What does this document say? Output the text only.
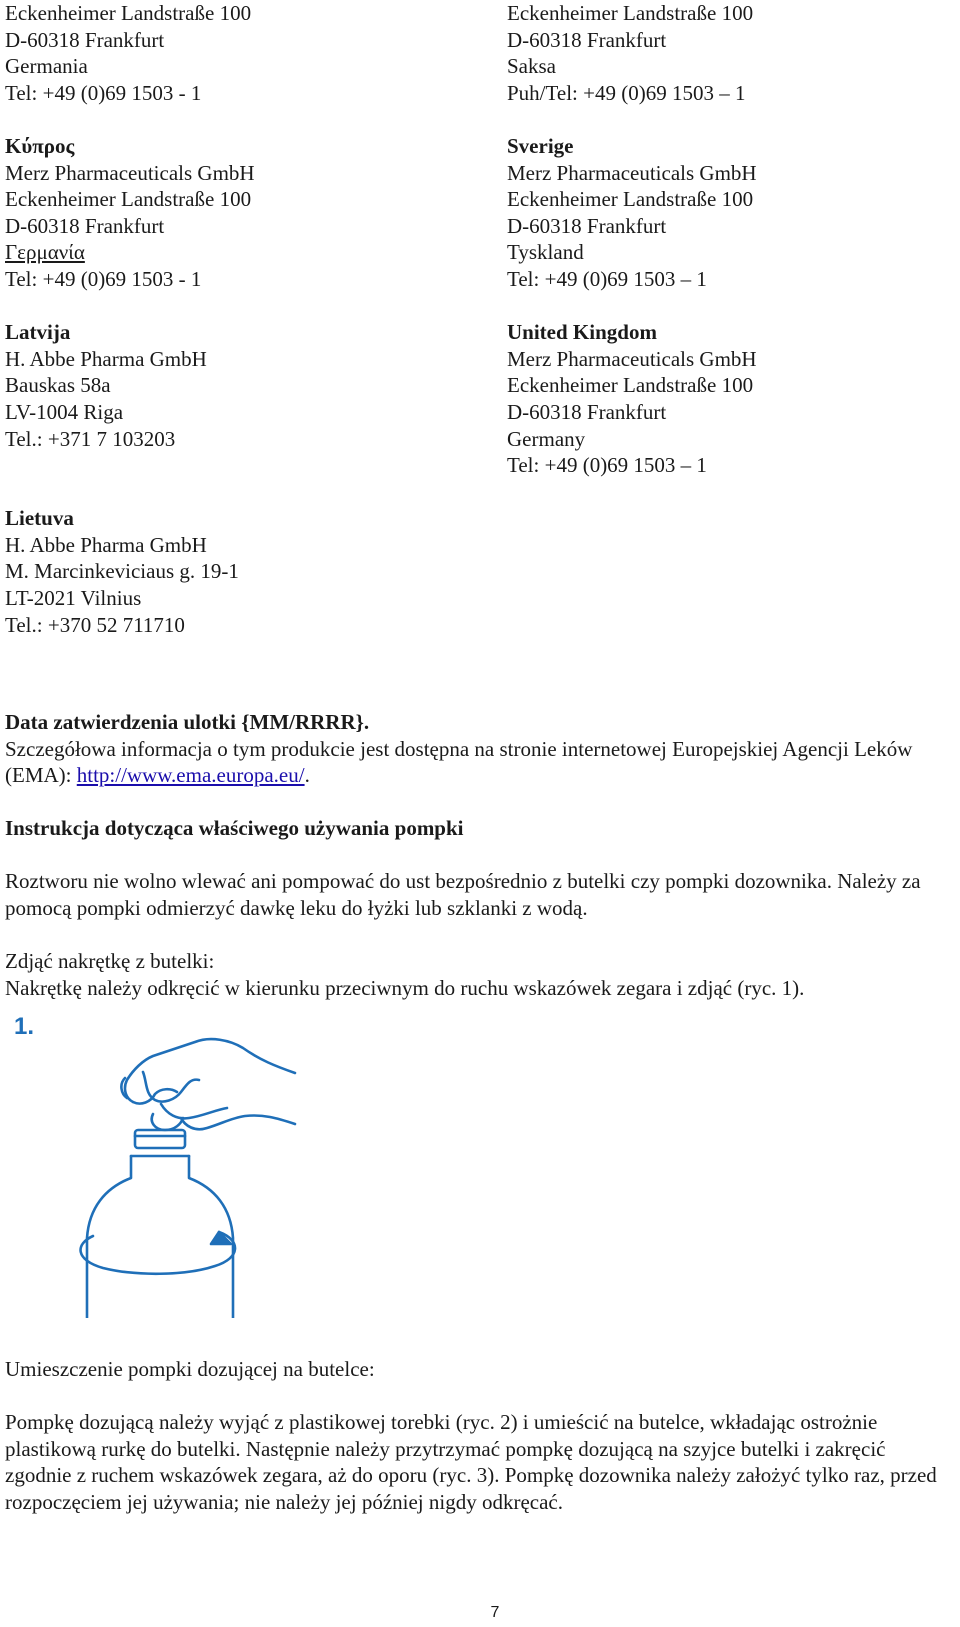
Eckenheimer Landstraße 100
D-60318 Frankfurt
Germania
Tel: +49 (0)69 1503 - 1
Κύπρος
Merz Pharmaceuticals GmbH
Eckenheimer Landstraße 100
D-60318 Frankfurt
Γερμανία
Tel: +49 (0)69 1503 - 1
Latvija
H. Abbe Pharma GmbH
Bauskas 58a
LV-1004 Riga
Tel.: +371 7 103203
Lietuva
H. Abbe Pharma GmbH
M. Marcinkeviciaus g. 19-1
LT-2021 Vilnius
Tel.: +370 52 711710
Eckenheimer Landstraße 100
D-60318 Frankfurt
Saksa
Puh/Tel: +49 (0)69 1503 – 1
Sverige
Merz Pharmaceuticals GmbH
Eckenheimer Landstraße 100
D-60318 Frankfurt
Tyskland
Tel: +49 (0)69 1503 – 1
United Kingdom
Merz Pharmaceuticals GmbH
Eckenheimer Landstraße 100
D-60318 Frankfurt
Germany
Tel: +49 (0)69 1503 – 1
Data zatwierdzenia ulotki {MM/RRRR}.
Szczegółowa informacja o tym produkcie jest dostępna na stronie internetowej Europejskiej Agencji Leków (EMA): http://www.ema.europa.eu/.
Instrukcja dotycząca właściwego używania pompki
Roztworu nie wolno wlewać ani pompować do ust bezpośrednio z butelki czy pompki dozownika. Należy za pomocą pompki odmierzyć dawkę leku do łyżki lub szklanki z wodą.
Zdjąć nakrętkę z butelki:
Nakrętkę należy odkręcić w kierunku przeciwnym do ruchu wskazówek zegara i zdjąć (ryc. 1).
1.
Umieszczenie pompki dozującej na butelce:
Pompkę dozującą należy wyjąć z plastikowej torebki (ryc. 2) i umieścić na butelce, wkładając ostrożnie plastikową rurkę do butelki. Następnie należy przytrzymać pompkę dozującą na szyjce butelki i zakręcić zgodnie z ruchem wskazówek zegara, aż do oporu (ryc. 3). Pompkę dozownika należy założyć tylko raz, przed rozpoczęciem jej używania; nie należy jej później nigdy odkręcać.
7
